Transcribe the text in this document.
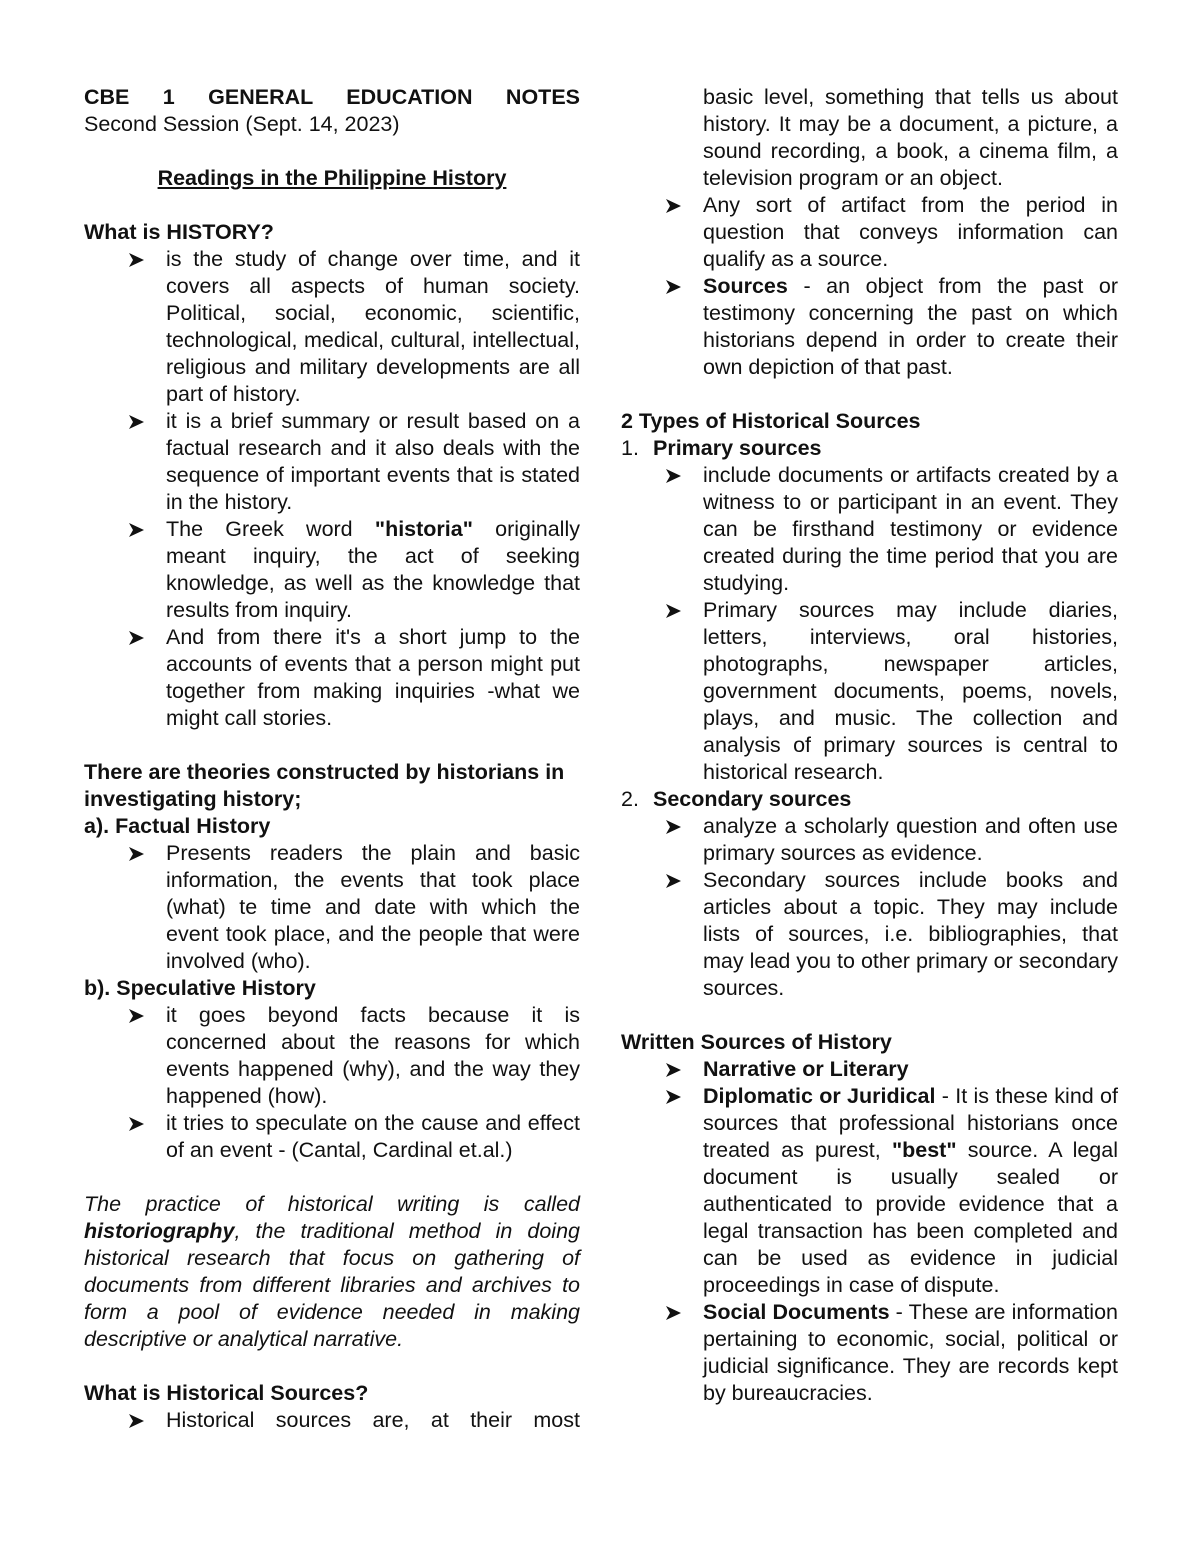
CBE 1 GENERAL EDUCATION NOTES

Second Session (Sept. 14, 2023)

Readings in the Philippine History

What is HISTORY?

is the study of change over time, and it covers all aspects of human society. Political, social, economic, scientific, technological, medical, cultural, intellectual, religious and military developments are all part of history.
it is a brief summary or result based on a factual research and it also deals with the sequence of important events that is stated in the history.
The Greek word "historia" originally meant inquiry, the act of seeking knowledge, as well as the knowledge that results from inquiry.
And from there it's a short jump to the accounts of events that a person might put together from making inquiries -what we might call stories.

There are theories constructed by historians in investigating history;

a). Factual History

Presents readers the plain and basic information, the events that took place (what) te time and date with which the event took place, and the people that were involved (who).

b). Speculative History

it goes beyond facts because it is concerned about the reasons for which events happened (why), and the way they happened (how).
it tries to speculate on the cause and effect of an event - (Cantal, Cardinal et.al.)

The practice of historical writing is called historiography, the traditional method in doing historical research that focus on gathering of documents from different libraries and archives to form a pool of evidence needed in making descriptive or analytical narrative.

What is Historical Sources?

Historical sources are, at their most

basic level, something that tells us about history. It may be a document, a picture, a sound recording, a book, a cinema film, a television program or an object.

Any sort of artifact from the period in question that conveys information can qualify as a source.
Sources - an object from the past or testimony concerning the past on which historians depend in order to create their own depiction of that past.

2 Types of Historical Sources

1. Primary sources

include documents or artifacts created by a witness to or participant in an event. They can be firsthand testimony or evidence created during the time period that you are studying.
Primary sources may include diaries, letters, interviews, oral histories, photographs, newspaper articles, government documents, poems, novels, plays, and music. The collection and analysis of primary sources is central to historical research.

2. Secondary sources

analyze a scholarly question and often use primary sources as evidence.
Secondary sources include books and articles about a topic. They may include lists of sources, i.e. bibliographies, that may lead you to other primary or secondary sources.

Written Sources of History

Narrative or Literary
Diplomatic or Juridical - It is these kind of sources that professional historians once treated as purest, "best" source. A legal document is usually sealed or authenticated to provide evidence that a legal transaction has been completed and can be used as evidence in judicial proceedings in case of dispute.
Social Documents - These are information pertaining to economic, social, political or judicial significance. They are records kept by bureaucracies.
